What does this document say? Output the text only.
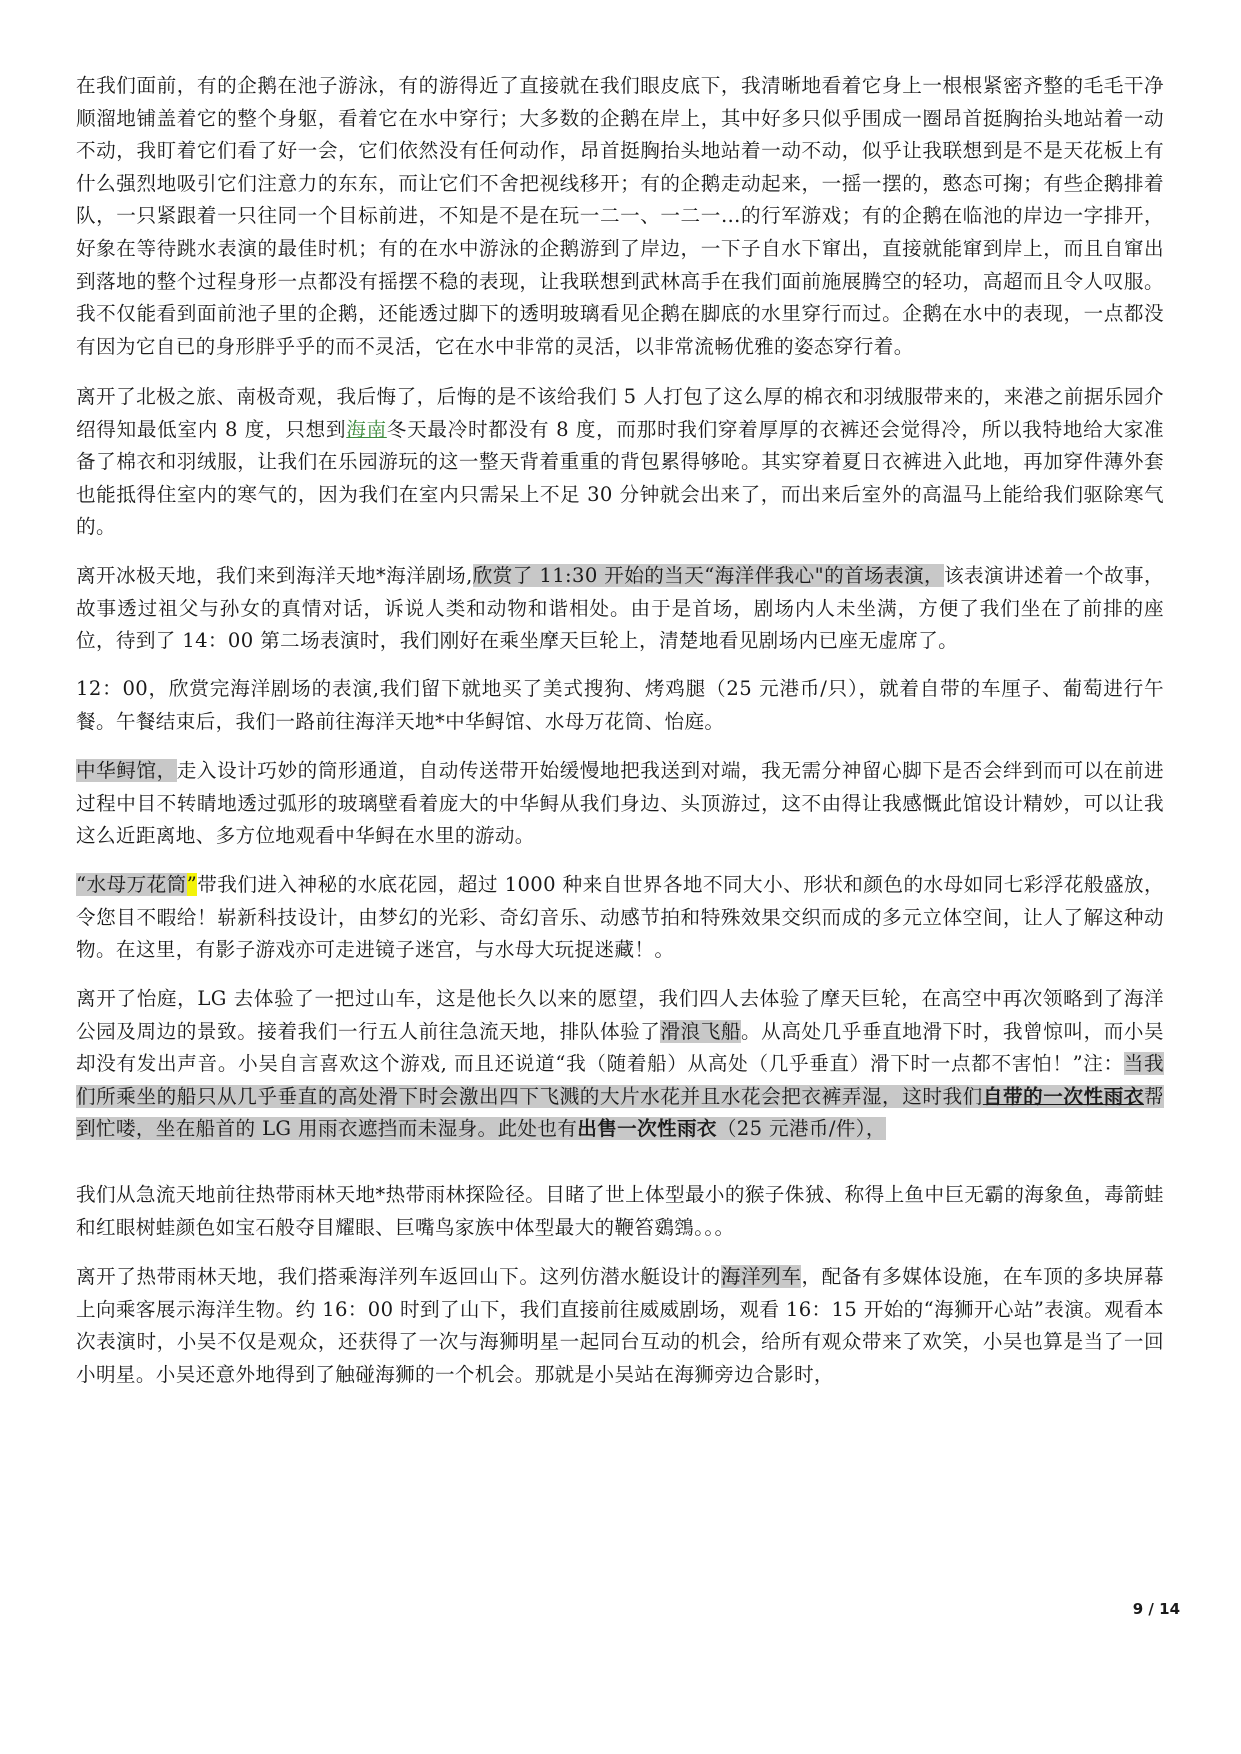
在我们面前，有的企鹅在池子游泳，有的游得近了直接就在我们眼皮底下，我清晰地看着它身上一根根紧密齐整的毛毛干净顺溜地铺盖着它的整个身躯，看着它在水中穿行；大多数的企鹅在岸上，其中好多只似乎围成一圈昂首挺胸抬头地站着一动不动，我盯着它们看了好一会，它们依然没有任何动作，昂首挺胸抬头地站着一动不动，似乎让我联想到是不是天花板上有什么强烈地吸引它们注意力的东东，而让它们不舍把视线移开；有的企鹅走动起来，一摇一摆的，憨态可掬；有些企鹅排着队，一只紧跟着一只往同一个目标前进，不知是不是在玩一二一、一二一…的行军游戏；有的企鹅在临池的岸边一字排开，好象在等待跳水表演的最佳时机；有的在水中游泳的企鹅游到了岸边，一下子自水下窜出，直接就能窜到岸上，而且自窜出到落地的整个过程身形一点都没有摇摆不稳的表现，让我联想到武林高手在我们面前施展腾空的轻功，高超而且令人叹服。我不仅能看到面前池子里的企鹅，还能透过脚下的透明玻璃看见企鹅在脚底的水里穿行而过。企鹅在水中的表现，一点都没有因为它自已的身形胖乎乎的而不灵活，它在水中非常的灵活，以非常流畅优雅的姿态穿行着。

离开了北极之旅、南极奇观，我后悔了，后悔的是不该给我们 5 人打包了这么厚的棉衣和羽绒服带来的，来港之前据乐园介绍得知最低室内 8 度，只想到海南冬天最冷时都没有 8 度，而那时我们穿着厚厚的衣裤还会觉得冷，所以我特地给大家准备了棉衣和羽绒服，让我们在乐园游玩的这一整天背着重重的背包累得够呛。其实穿着夏日衣裤进入此地，再加穿件薄外套也能抵得住室内的寒气的，因为我们在室内只需呆上不足 30 分钟就会出来了，而出来后室外的高温马上能给我们驱除寒气的。

离开冰极天地，我们来到海洋天地*海洋剧场,欣赏了 11:30 开始的当天“海洋伴我心"的首场表演，该表演讲述着一个故事，故事透过祖父与孙女的真情对话，诉说人类和动物和谐相处。由于是首场，剧场内人未坐满，方便了我们坐在了前排的座位，待到了 14：00 第二场表演时，我们刚好在乘坐摩天巨轮上，清楚地看见剧场内已座无虚席了。

12：00，欣赏完海洋剧场的表演,我们留下就地买了美式搜狗、烤鸡腿（25 元港币/只），就着自带的车厘子、葡萄进行午餐。午餐结束后，我们一路前往海洋天地*中华鲟馆、水母万花筒、怡庭。

中华鲟馆，走入设计巧妙的筒形通道，自动传送带开始缓慢地把我送到对端，我无需分神留心脚下是否会绊到而可以在前进过程中目不转睛地透过弧形的玻璃壁看着庞大的中华鲟从我们身边、头顶游过，这不由得让我感慨此馆设计精妙，可以让我这么近距离地、多方位地观看中华鲟在水里的游动。

“水母万花筒”带我们进入神秘的水底花园，超过 1000 种来自世界各地不同大小、形状和颜色的水母如同七彩浮花般盛放，令您目不暇给！崭新科技设计，由梦幻的光彩、奇幻音乐、动感节拍和特殊效果交织而成的多元立体空间，让人了解这种动物。在这里，有影子游戏亦可走进镜子迷宫，与水母大玩捉迷藏！。

离开了怡庭，LG 去体验了一把过山车，这是他长久以来的愿望，我们四人去体验了摩天巨轮，在高空中再次领略到了海洋公园及周边的景致。接着我们一行五人前往急流天地，排队体验了滑浪飞船。从高处几乎垂直地滑下时，我曾惊叫，而小吴却没有发出声音。小吴自言喜欢这个游戏, 而且还说道“我（随着船）从高处（几乎垂直）滑下时一点都不害怕！”注：当我们所乘坐的船只从几乎垂直的高处滑下时会激出四下飞溅的大片水花并且水花会把衣裤弄湿，这时我们自带的一次性雨衣帮到忙喽，坐在船首的 LG 用雨衣遮挡而未湿身。此处也有出售一次性雨衣（25 元港币/件），

我们从急流天地前往热带雨林天地*热带雨林探险径。目睹了世上体型最小的猴子侏狨、称得上鱼中巨无霸的海象鱼，毒箭蛙和红眼树蛙颜色如宝石般夺目耀眼、巨嘴鸟家族中体型最大的鞭笞鵎鵼。。。

离开了热带雨林天地，我们搭乘海洋列车返回山下。这列仿潜水艇设计的海洋列车，配备有多媒体设施，在车顶的多块屏幕上向乘客展示海洋生物。约 16：00 时到了山下，我们直接前往威威剧场，观看 16：15 开始的“海狮开心站”表演。观看本次表演时，小吴不仅是观众，还获得了一次与海狮明星一起同台互动的机会，给所有观众带来了欢笑，小吴也算是当了一回小明星。小吴还意外地得到了触碰海狮的一个机会。那就是小吴站在海狮旁边合影时，

9 / 14
